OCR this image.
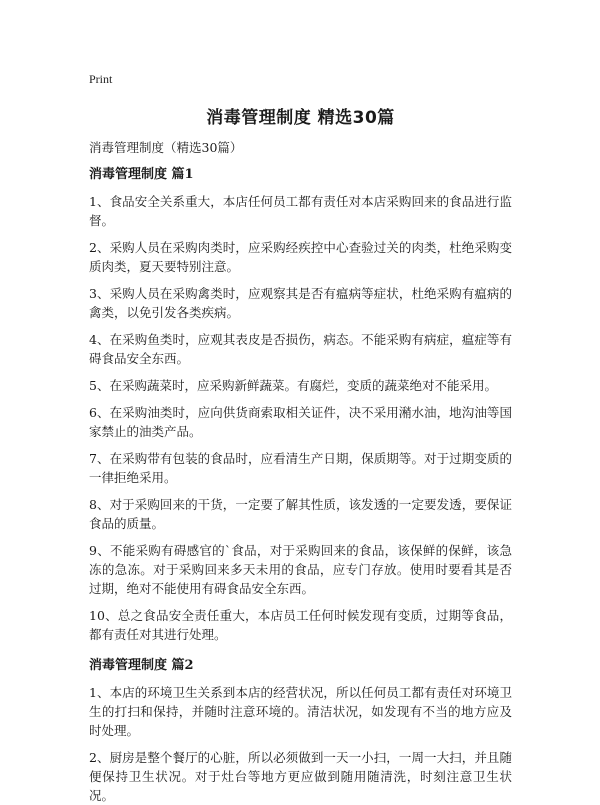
Print

消毒管理制度 精选30篇

消毒管理制度（精选30篇）

消毒管理制度 篇1

1、食品安全关系重大，本店任何员工都有责任对本店采购回来的食品进行监督。

2、采购人员在采购肉类时，应采购经疾控中心查验过关的肉类，杜绝采购变质肉类，夏天要特别注意。

3、采购人员在采购禽类时，应观察其是否有瘟病等症状，杜绝采购有瘟病的禽类，以免引发各类疾病。

4、在采购鱼类时，应观其表皮是否损伤，病态。不能采购有病症，瘟症等有碍食品安全东西。

5、在采购蔬菜时，应采购新鲜蔬菜。有腐烂，变质的蔬菜绝对不能采用。

6、在采购油类时，应向供货商索取相关证件，决不采用潲水油，地沟油等国家禁止的油类产品。

7、在采购带有包装的食品时，应看清生产日期，保质期等。对于过期变质的一律拒绝采用。

8、对于采购回来的干货，一定要了解其性质，该发透的一定要发透，要保证食品的质量。

9、不能采购有碍感官的`食品，对于采购回来的食品，该保鲜的保鲜，该急冻的急冻。对于采购回来多天未用的食品，应专门存放。使用时要看其是否过期，绝对不能使用有碍食品安全东西。

10、总之食品安全责任重大，本店员工任何时候发现有变质，过期等食品，都有责任对其进行处理。

消毒管理制度 篇2

1、本店的环境卫生关系到本店的经营状况，所以任何员工都有责任对环境卫生的打扫和保持，并随时注意环境的。清洁状况，如发现有不当的地方应及时处理。

2、厨房是整个餐厅的心脏，所以必须做到一天一小扫，一周一大扫，并且随便保持卫生状况。对于灶台等地方更应做到随用随清洗，时刻注意卫生状况。
